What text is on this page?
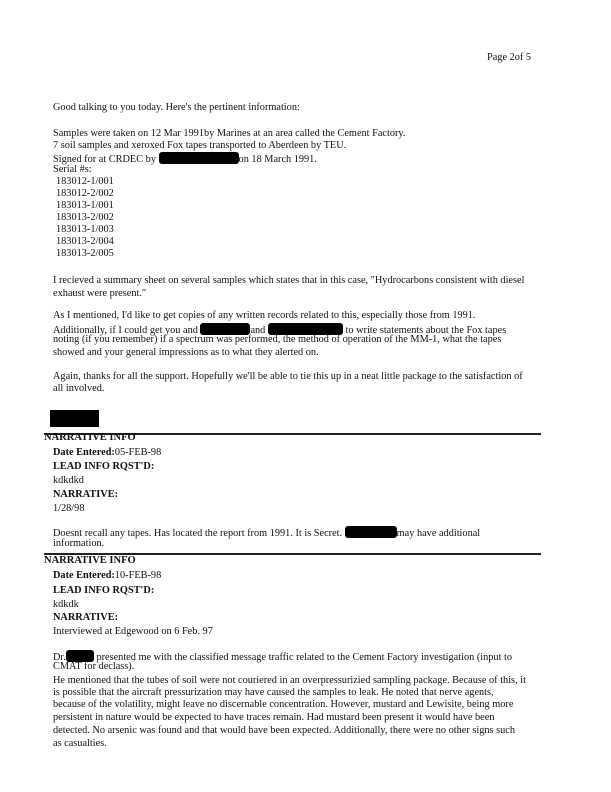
Page 2of 5
Good talking to you today. Here's the pertinent information:
Samples were taken on 12 Mar 1991by Marines at an area called the Cement Factory.
7 soil samples and xeroxed Fox tapes transported to Aberdeen by TEU.
Signed for at CRDEC by	on 18 March 1991.
Serial #s:
183012-1/001
183012-2/002
183013-1/001
183013-2/002
183013-1/003
183013-2/004
183013-2/005
I recieved a summary sheet on several samples which states that in this case, "Hydrocarbons consistent with diesel
exhaust were present."
As I mentioned, I'd like to get copies of any written records related to this, especially those from 1991.
Additionally, if I could get you and	and	to write statements about the Fox tapes
noting (if you remember) if a spectrum was performed, the method of operation of the MM-1, what the tapes
showed and your general impressions as to what they alerted on.
Again, thanks for all the support. Hopefully we'll be able to tie this up in a neat little package to the satisfaction of
all involved.
NARRATIVE INFO
Date Entered:05-FEB-98
LEAD INFO RQST'D:
kdkdkd
NARRATIVE:
1/28/98
Doesnt recall any tapes. Has located the report from 1991. It is Secret.	may have additional
information.
NARRATIVE INFO
Date Entered:10-FEB-98
LEAD INFO RQST'D:
kdkdk
NARRATIVE:
Interviewed at Edgewood on 6 Feb. 97
Dr.	presented me with the classified message traffic related to the Cement Factory investigation (input to
CMAT for declass).
He mentioned that the tubes of soil were not couriered in an overpressurizied sampling package. Because of this, it
is possible that the aircraft pressurization may have caused the samples to leak. He noted that nerve agents,
because of the volatility, might leave no discernable concentration. However, mustard and Lewisite, being more
persistent in nature would be expected to have traces remain. Had mustard been present it would have been
detected. No arsenic was found and that would have been expected. Additionally, there were no other signs such
as casualties.
